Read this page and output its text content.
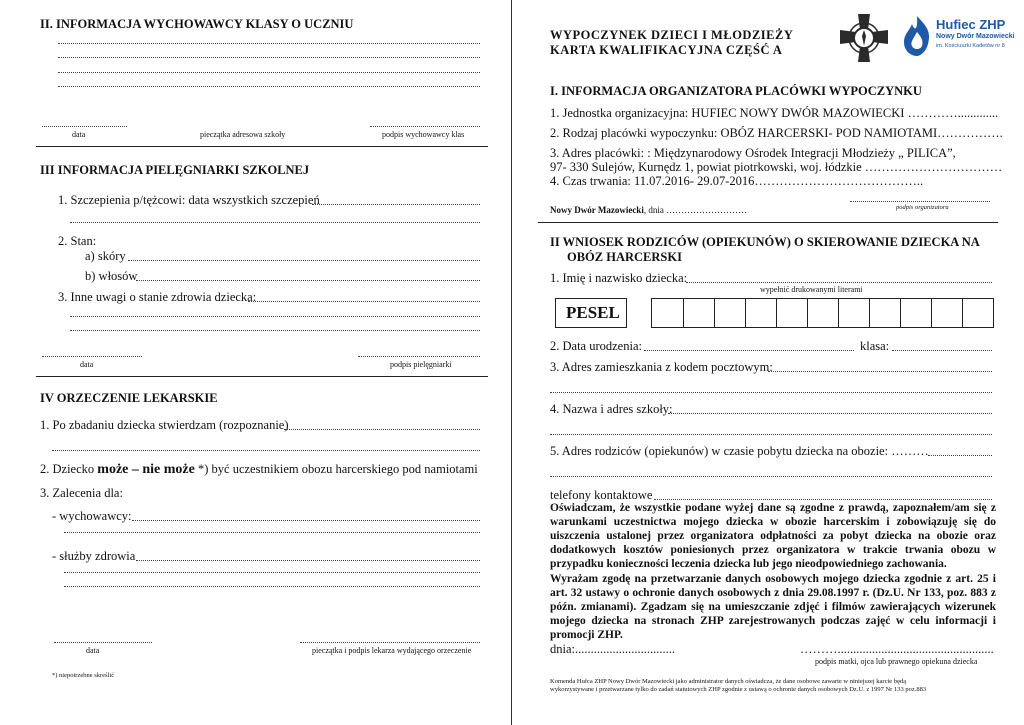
II. INFORMACJA WYCHOWAWCY KLASY O UCZNIU
data	pieczątka adresowa szkoły	podpis wychowawcy klas
III INFORMACJA PIELĘGNIARKI SZKOLNEJ
1. Szczepienia p/tężcowi: data wszystkich szczepień
2. Stan:
a) skóry
b) włosów
3. Inne uwagi o stanie zdrowia dziecka:
data	podpis pielęgniarki
IV ORZECZENIE LEKARSKIE
1. Po zbadaniu dziecka stwierdzam (rozpoznanie)
2. Dziecko może – nie może *) być uczestnikiem obozu harcerskiego pod namiotami
3. Zalecenia dla:
- wychowawcy:
- służby zdrowia
data	pieczątka i podpis lekarza wydającego orzeczenie
*) niepotrzebne skreślić
WYPOCZYNEK DZIECI I MŁODZIEŻY
KARTA KWALIFIKACYJNA CZĘŚĆ A
Hufiec ZHP
Nowy Dwór Mazowiecki
im. Kościuszki Kadetów nr 8
I. INFORMACJA ORGANIZATORA PLACÓWKI WYPOCZYNKU
1. Jednostka organizacyjna: HUFIEC NOWY DWÓR MAZOWIECKI ………….............
2. Rodzaj placówki wypoczynku: OBÓZ HARCERSKI- POD NAMIOTAMI…………….
3. Adres placówki: : Międzynarodowy Ośrodek Integracji Młodzieży „ PILICA”,
97- 330 Sulejów, Kurnędz 1, powiat piotrkowski, woj. łódzkie ……………………………
4. Czas trwania: 11.07.2016- 29.07-2016…………………………………..
Nowy Dwór Mazowiecki, dnia ………………………	podpis organizatora
II WNIOSEK RODZICÓW (OPIEKUNÓW) O SKIEROWANIE DZIECKA NA
OBÓZ HARCERSKI
1. Imię i nazwisko dziecka:
wypełnić drukowanymi literami
PESEL
2. Data urodzenia:	klasa:
3. Adres zamieszkania z kodem pocztowym:
4. Nazwa i adres szkoły:
5. Adres rodziców (opiekunów) w czasie pobytu dziecka na obozie: ………
telefony kontaktowe
Oświadczam, że wszystkie podane wyżej dane są zgodne z prawdą, zapoznałem/am się z warunkami uczestnictwa mojego dziecka w obozie harcerskim i zobowiązuję się do uiszczenia ustalonej przez organizatora odpłatności za pobyt dziecka na obozie oraz dodatkowych kosztów poniesionych przez organizatora w trakcie trwania obozu w przypadku konieczności leczenia dziecka lub jego nieodpowiedniego zachowania.
Wyrażam zgodę na przetwarzanie danych osobowych mojego dziecka zgodnie z art. 25 i art. 32 ustawy o ochronie danych osobowych z dnia 29.08.1997 r. (Dz.U. Nr 133, poz. 883 z późn. zmianami). Zgadzam się na umieszczanie zdjęć i filmów zawierających wizerunek mojego dziecka na stronach ZHP zarejestrowanych podczas zajęć w celu informacji i promocji ZHP.
dnia:................................	………..................................................
podpis matki, ojca lub prawnego opiekuna dziecka
Komenda Hufca ZHP Nowy Dwór Mazowiecki jako administrator danych oświadcza, że dane osobowe zawarte w niniejszej karcie będą
wykorzystywane i przetwarzane tylko do zadań statutowych ZHP zgodnie z ustawą o ochronie danych osobowych Dz.U. z 1997 Nr 133 poz.883
